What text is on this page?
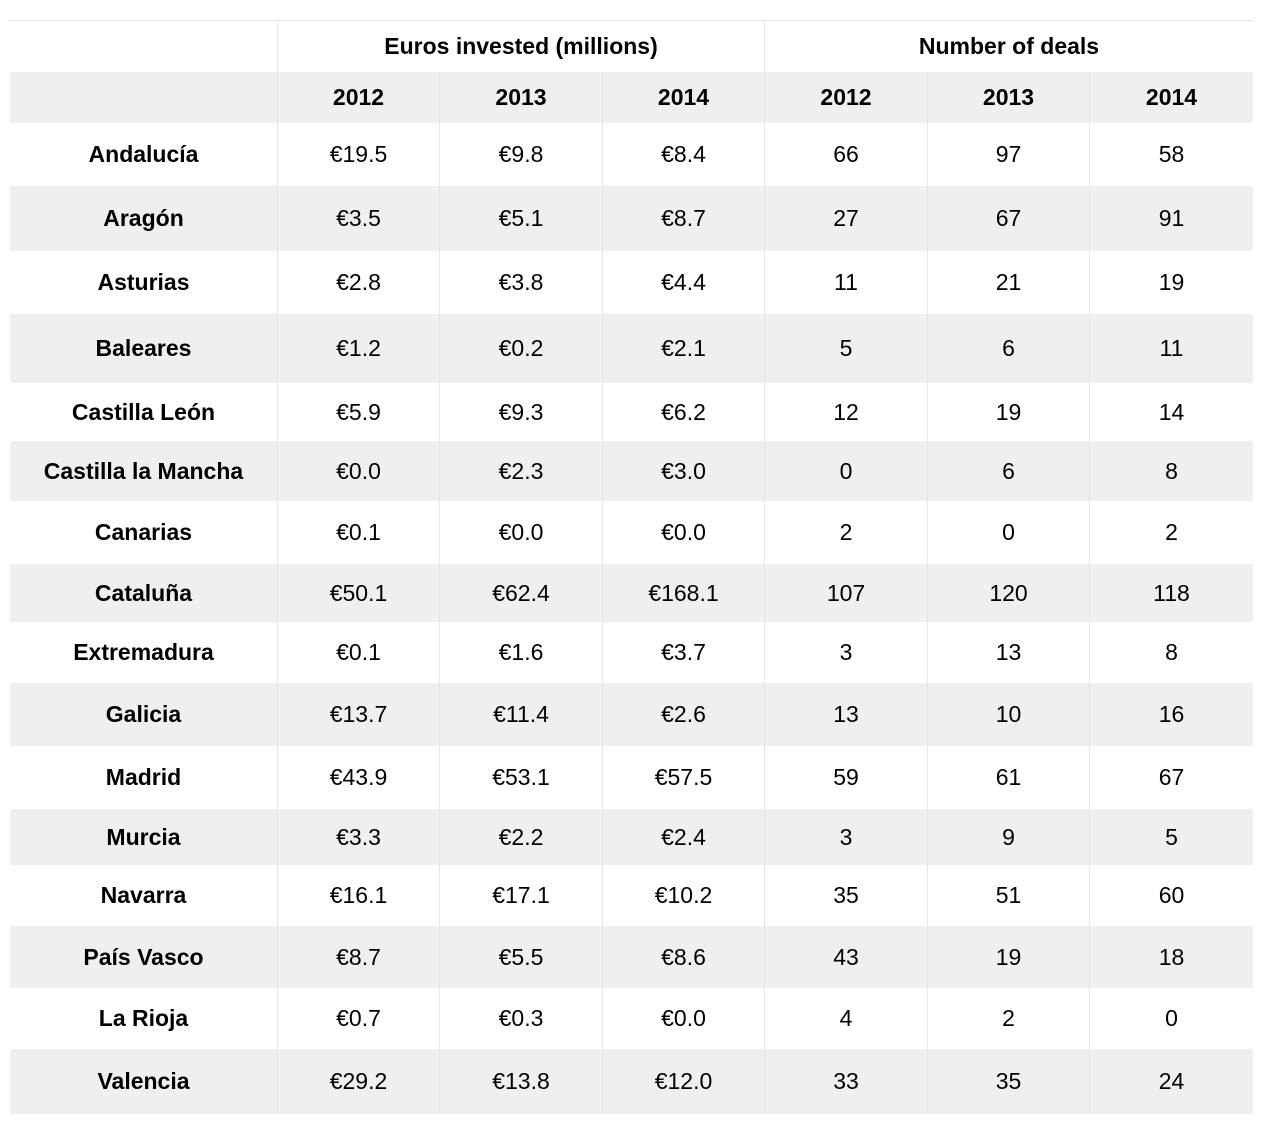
Euros invested (millions)	Number of deals
2012	2013	2014	2012	2013	2014
Andalucía	€19.5	€9.8	€8.4	66	97	58
Aragón	€3.5	€5.1	€8.7	27	67	91
Asturias	€2.8	€3.8	€4.4	11	21	19
Baleares	€1.2	€0.2	€2.1	5	6	11
Castilla León	€5.9	€9.3	€6.2	12	19	14
Castilla la Mancha	€0.0	€2.3	€3.0	0	6	8
Canarias	€0.1	€0.0	€0.0	2	0	2
Cataluña	€50.1	€62.4	€168.1	107	120	118
Extremadura	€0.1	€1.6	€3.7	3	13	8
Galicia	€13.7	€11.4	€2.6	13	10	16
Madrid	€43.9	€53.1	€57.5	59	61	67
Murcia	€3.3	€2.2	€2.4	3	9	5
Navarra	€16.1	€17.1	€10.2	35	51	60
País Vasco	€8.7	€5.5	€8.6	43	19	18
La Rioja	€0.7	€0.3	€0.0	4	2	0
Valencia	€29.2	€13.8	€12.0	33	35	24
